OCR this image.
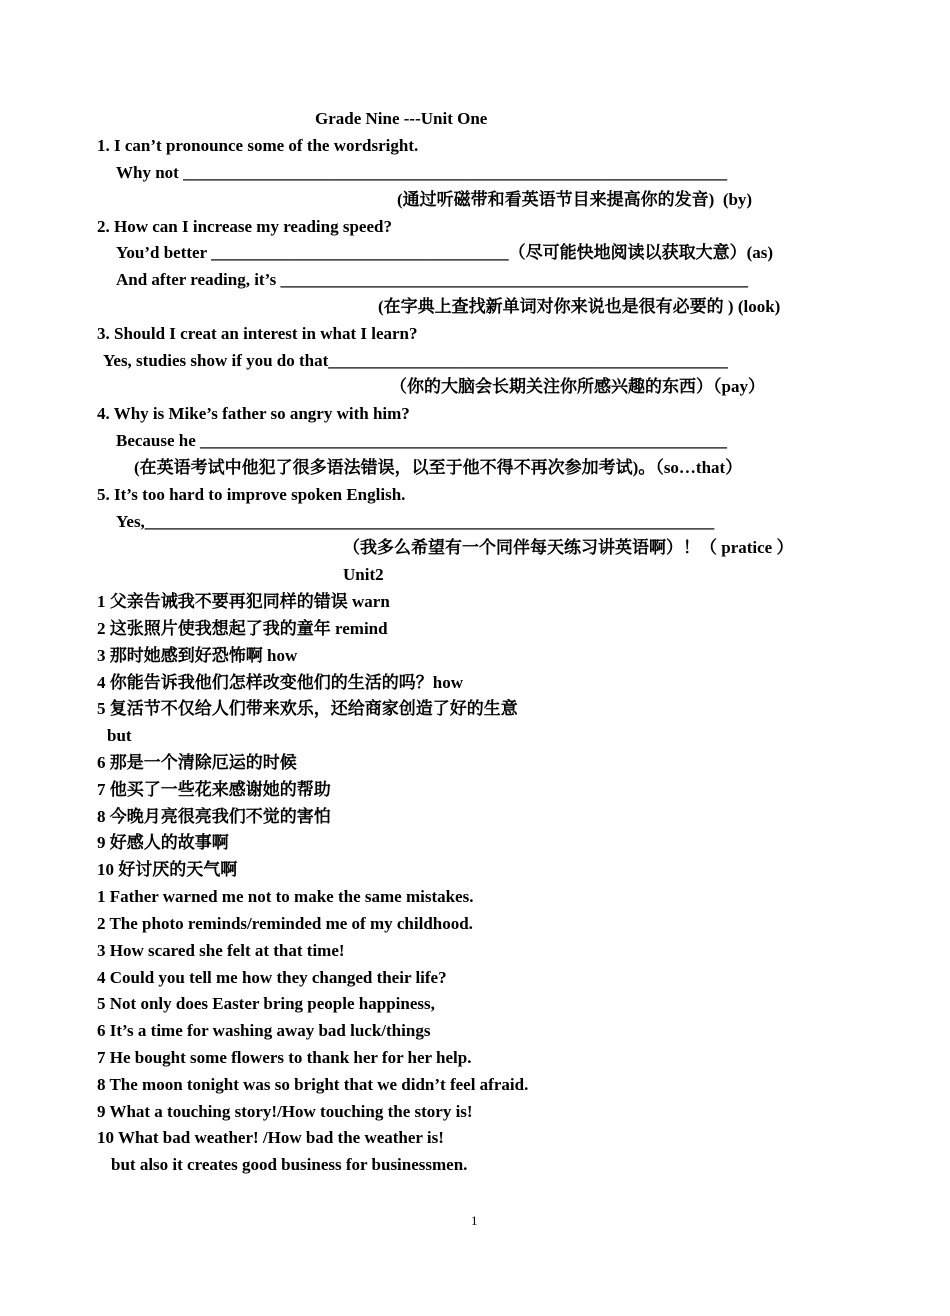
Grade Nine ---Unit One
1. I can’t pronounce some of the wordsright.
Why not ________________________________________________________________
(通过听磁带和看英语节目来提高你的发音)  (by)
2. How can I increase my reading speed?
You’d better ___________________________________（尽可能快地阅读以获取大意）(as)
And after reading, it’s _______________________________________________________
(在字典上查找新单词对你来说也是很有必要的 ) (look)
3. Should I creat an interest in what I learn?
Yes, studies show if you do that_______________________________________________
（你的大脑会长期关注你所感兴趣的东西）（pay）
4. Why is Mike’s father so angry with him?
Because he ______________________________________________________________
(在英语考试中他犯了很多语法错误，以至于他不得不再次参加考试)。（so…that）
5. It’s too hard to improve spoken English.
Yes,___________________________________________________________________
（我多么希望有一个同伴每天练习讲英语啊）！（ pratice ）
Unit2
1 父亲告诫我不要再犯同样的错误 warn
2 这张照片使我想起了我的童年 remind
3 那时她感到好恐怖啊 how
4 你能告诉我他们怎样改变他们的生活的吗？how
5 复活节不仅给人们带来欢乐，还给商家创造了好的生意
but
6 那是一个清除厄运的时候
7 他买了一些花来感谢她的帮助
8 今晚月亮很亮我们不觉的害怕
9 好感人的故事啊
10 好讨厌的天气啊
1 Father warned me not to make the same mistakes.
2 The photo reminds/reminded me of my childhood.
3 How scared she felt at that time!
4 Could you tell me how they changed their life?
5 Not only does Easter bring people happiness,
6 It’s a time for washing away bad luck/things
7 He bought some flowers to thank her for her help.
8 The moon tonight was so bright that we didn’t feel afraid.
9 What a touching story!/How touching the story is!
10 What bad weather! /How bad the weather is!
but also it creates good business for businessmen.
1
